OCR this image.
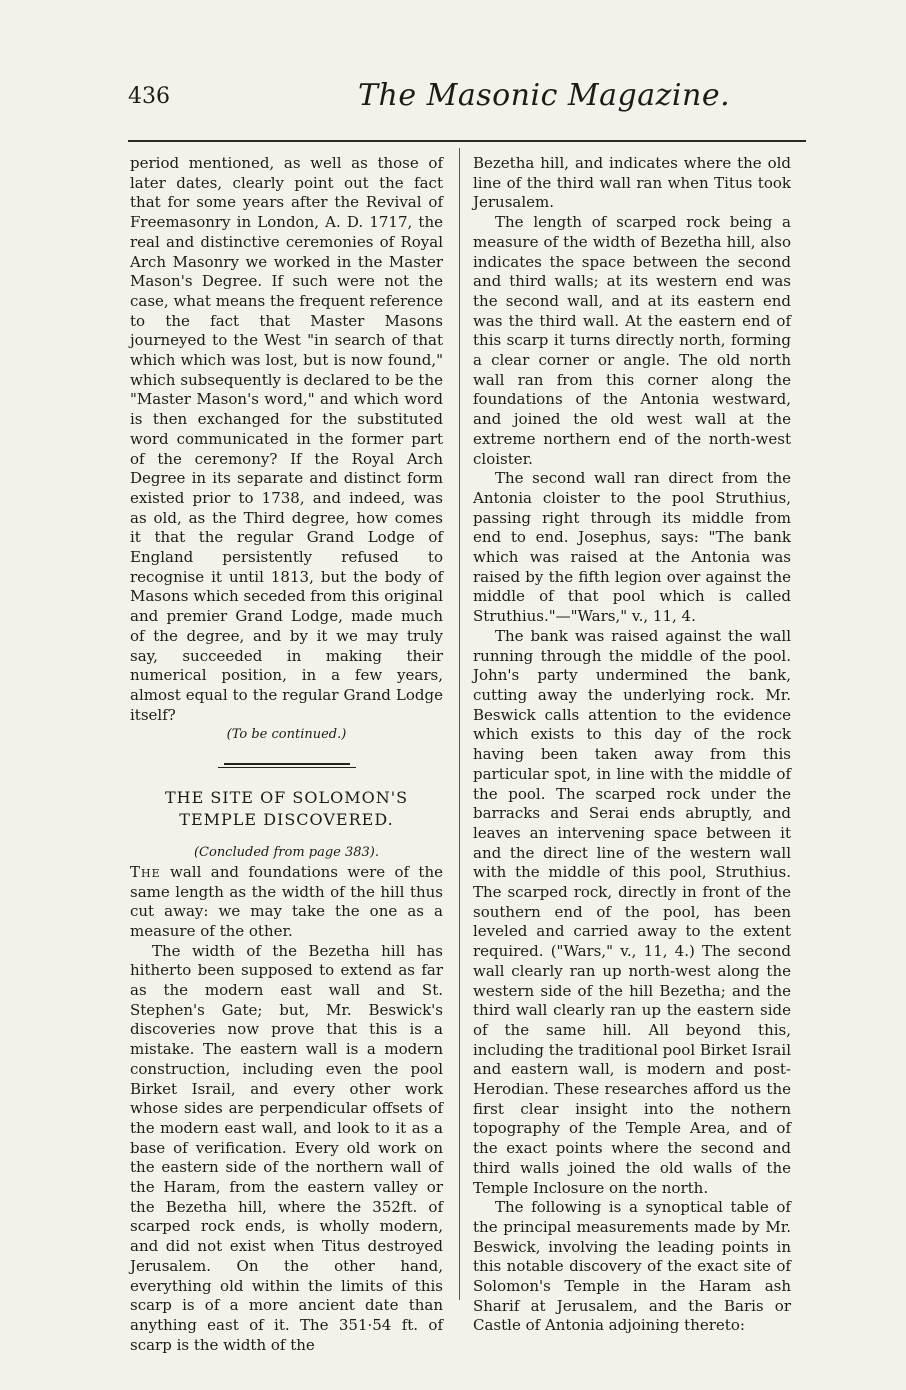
436	The Masonic Magazine.

period mentioned, as well as those of later dates, clearly point out the fact that for some years after the Revival of Freemasonry in London, A. D. 1717, the real and distinctive ceremonies of Royal Arch Masonry we worked in the Master Mason's Degree. If such were not the case, what means the frequent reference to the fact that Master Masons journeyed to the West "in search of that which which was lost, but is now found," which subsequently is declared to be the "Master Mason's word," and which word is then exchanged for the substituted word communicated in the former part of the ceremony? If the Royal Arch Degree in its separate and distinct form existed prior to 1738, and indeed, was as old, as the Third degree, how comes it that the regular Grand Lodge of England persistently refused to recognise it until 1813, but the body of Masons which seceded from this original and premier Grand Lodge, made much of the degree, and by it we may truly say, succeeded in making their numerical position, in a few years, almost equal to the regular Grand Lodge itself?

(To be continued.)

THE SITE OF SOLOMON'S TEMPLE DISCOVERED.

(Concluded from page 383).

The wall and foundations were of the same length as the width of the hill thus cut away: we may take the one as a measure of the other.

The width of the Bezetha hill has hitherto been supposed to extend as far as the modern east wall and St. Stephen's Gate; but, Mr. Beswick's discoveries now prove that this is a mistake. The eastern wall is a modern construction, including even the pool Birket Israil, and every other work whose sides are perpendicular offsets of the modern east wall, and look to it as a base of verification. Every old work on the eastern side of the northern wall of the Haram, from the eastern valley or the Bezetha hill, where the 352ft. of scarped rock ends, is wholly modern, and did not exist when Titus destroyed Jerusalem. On the other hand, everything old within the limits of this scarp is of a more ancient date than anything east of it. The 351·54 ft. of scarp is the width of the

Bezetha hill, and indicates where the old line of the third wall ran when Titus took Jerusalem.

The length of scarped rock being a measure of the width of Bezetha hill, also indicates the space between the second and third walls; at its western end was the second wall, and at its eastern end was the third wall. At the eastern end of this scarp it turns directly north, forming a clear corner or angle. The old north wall ran from this corner along the foundations of the Antonia westward, and joined the old west wall at the extreme northern end of the north-west cloister.

The second wall ran direct from the Antonia cloister to the pool Struthius, passing right through its middle from end to end. Josephus, says: "The bank which was raised at the Antonia was raised by the fifth legion over against the middle of that pool which is called Struthius."—"Wars," v., 11, 4.

The bank was raised against the wall running through the middle of the pool. John's party undermined the bank, cutting away the underlying rock. Mr. Beswick calls attention to the evidence which exists to this day of the rock having been taken away from this particular spot, in line with the middle of the pool. The scarped rock under the barracks and Serai ends abruptly, and leaves an intervening space between it and the direct line of the western wall with the middle of this pool, Struthius. The scarped rock, directly in front of the southern end of the pool, has been leveled and carried away to the extent required. ("Wars," v., 11, 4.) The second wall clearly ran up north-west along the western side of the hill Bezetha; and the third wall clearly ran up the eastern side of the same hill. All beyond this, including the traditional pool Birket Israil and eastern wall, is modern and post-Herodian. These researches afford us the first clear insight into the nothern topography of the Temple Area, and of the exact points where the second and third walls joined the old walls of the Temple Inclosure on the north.

The following is a synoptical table of the principal measurements made by Mr. Beswick, involving the leading points in this notable discovery of the exact site of Solomon's Temple in the Haram ash Sharif at Jerusalem, and the Baris or Castle of Antonia adjoining thereto:
